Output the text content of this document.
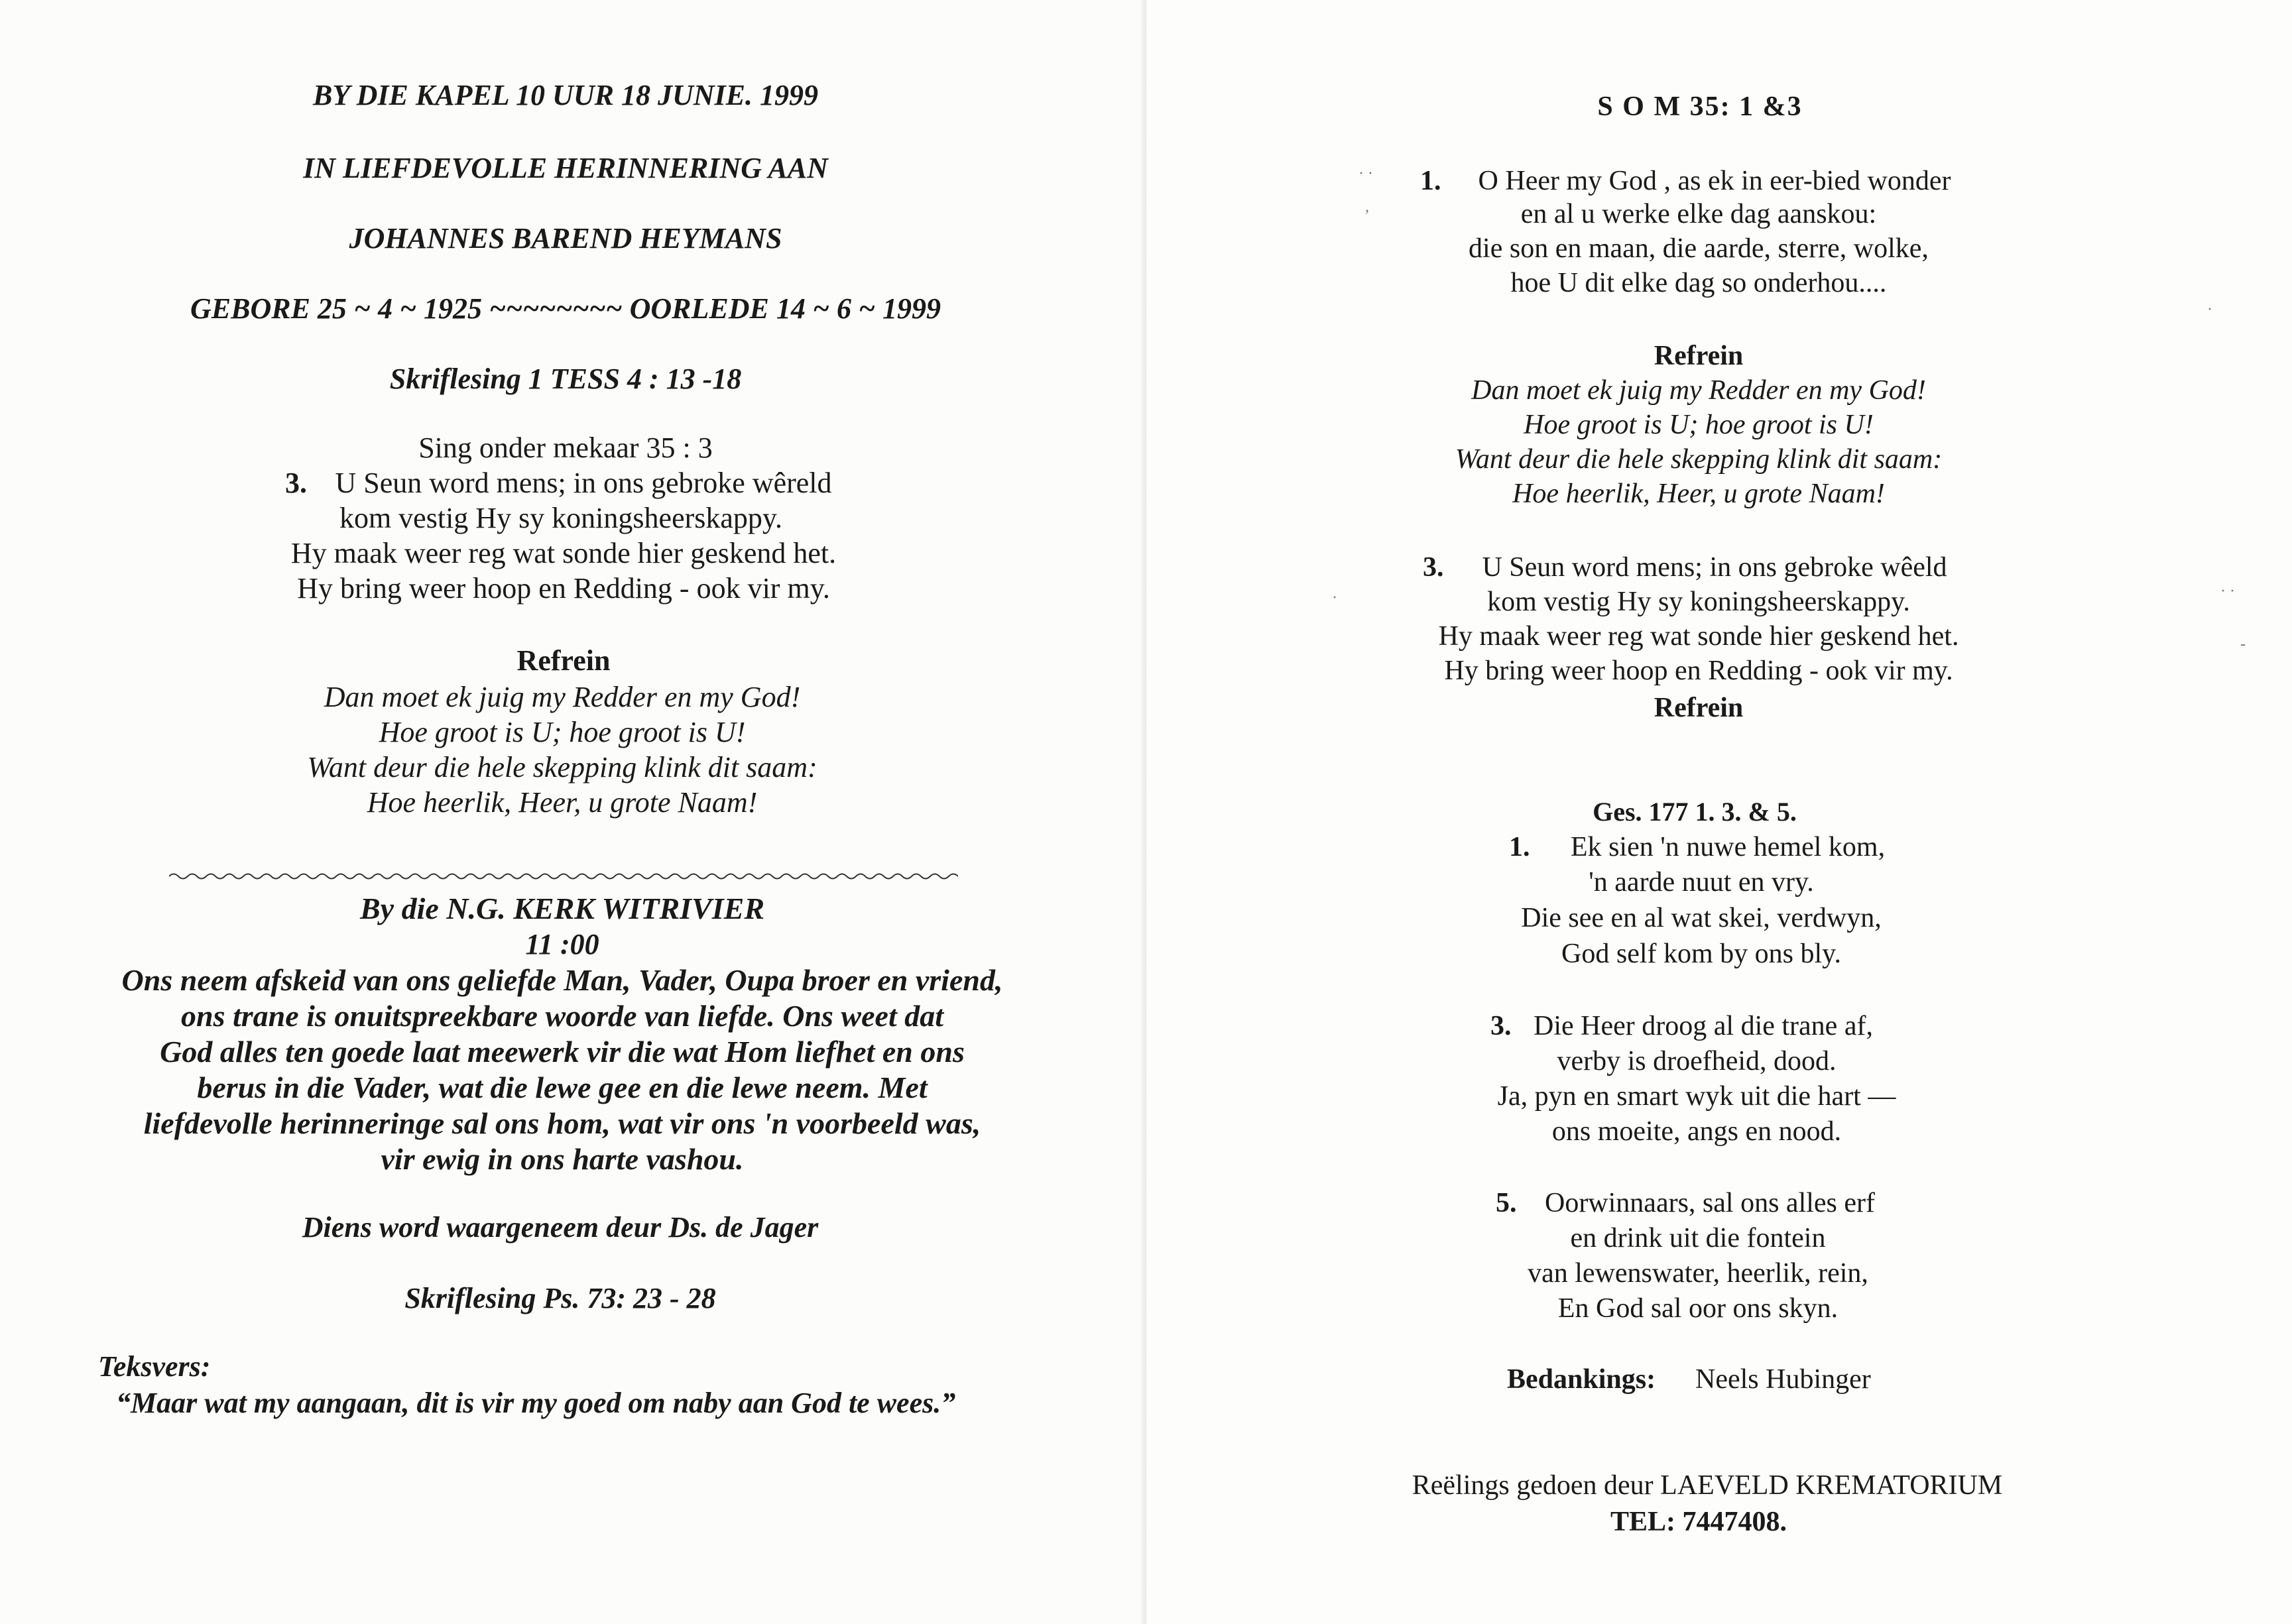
BY DIE KAPEL 10 UUR 18 JUNIE. 1999
IN LIEFDEVOLLE HERINNERING AAN
JOHANNES BAREND HEYMANS
GEBORE 25 ~ 4 ~ 1925 ~~~~~~~~ OORLEDE 14 ~ 6 ~ 1999
Skriflesing 1 TESS 4 : 13 -18
Sing onder mekaar 35 : 3
3. U Seun word mens; in ons gebroke wêreld
kom vestig Hy sy koningsheerskappy.
Hy maak weer reg wat sonde hier geskend het.
Hy bring weer hoop en Redding - ook vir my.
Refrein
Dan moet ek juig my Redder en my God!
Hoe groot is U; hoe groot is U!
Want deur die hele skepping klink dit saam:
Hoe heerlik, Heer, u grote Naam!
By die N.G. KERK WITRIVIER
11 :00
Ons neem afskeid van ons geliefde Man, Vader, Oupa broer en vriend,
ons trane is onuitspreekbare woorde van liefde. Ons weet dat
God alles ten goede laat meewerk vir die wat Hom liefhet en ons
berus in die Vader, wat die lewe gee en die lewe neem. Met
liefdevolle herinneringe sal ons hom, wat vir ons 'n voorbeeld was,
vir ewig in ons harte vashou.
Diens word waargeneem deur Ds. de Jager
Skriflesing Ps. 73: 23 - 28
Teksvers:
“Maar wat my aangaan, dit is vir my goed om naby aan God te wees.”
· ·
,
·
·
· ·
-
S O M 35: 1 &3
1. O Heer my God , as ek in eer-bied wonder
en al u werke elke dag aanskou:
die son en maan, die aarde, sterre, wolke,
hoe U dit elke dag so onderhou....
Refrein
Dan moet ek juig my Redder en my God!
Hoe groot is U; hoe groot is U!
Want deur die hele skepping klink dit saam:
Hoe heerlik, Heer, u grote Naam!
3. U Seun word mens; in ons gebroke wêeld
kom vestig Hy sy koningsheerskappy.
Hy maak weer reg wat sonde hier geskend het.
Hy bring weer hoop en Redding - ook vir my.
Refrein
Ges. 177 1. 3. & 5.
1. Ek sien 'n nuwe hemel kom,
'n aarde nuut en vry.
Die see en al wat skei, verdwyn,
God self kom by ons bly.
3. Die Heer droog al die trane af,
verby is droefheid, dood.
Ja, pyn en smart wyk uit die hart —
ons moeite, angs en nood.
5. Oorwinnaars, sal ons alles erf
en drink uit die fontein
van lewenswater, heerlik, rein,
En God sal oor ons skyn.
Bedankings: Neels Hubinger
Reëlings gedoen deur LAEVELD KREMATORIUM
TEL: 7447408.
